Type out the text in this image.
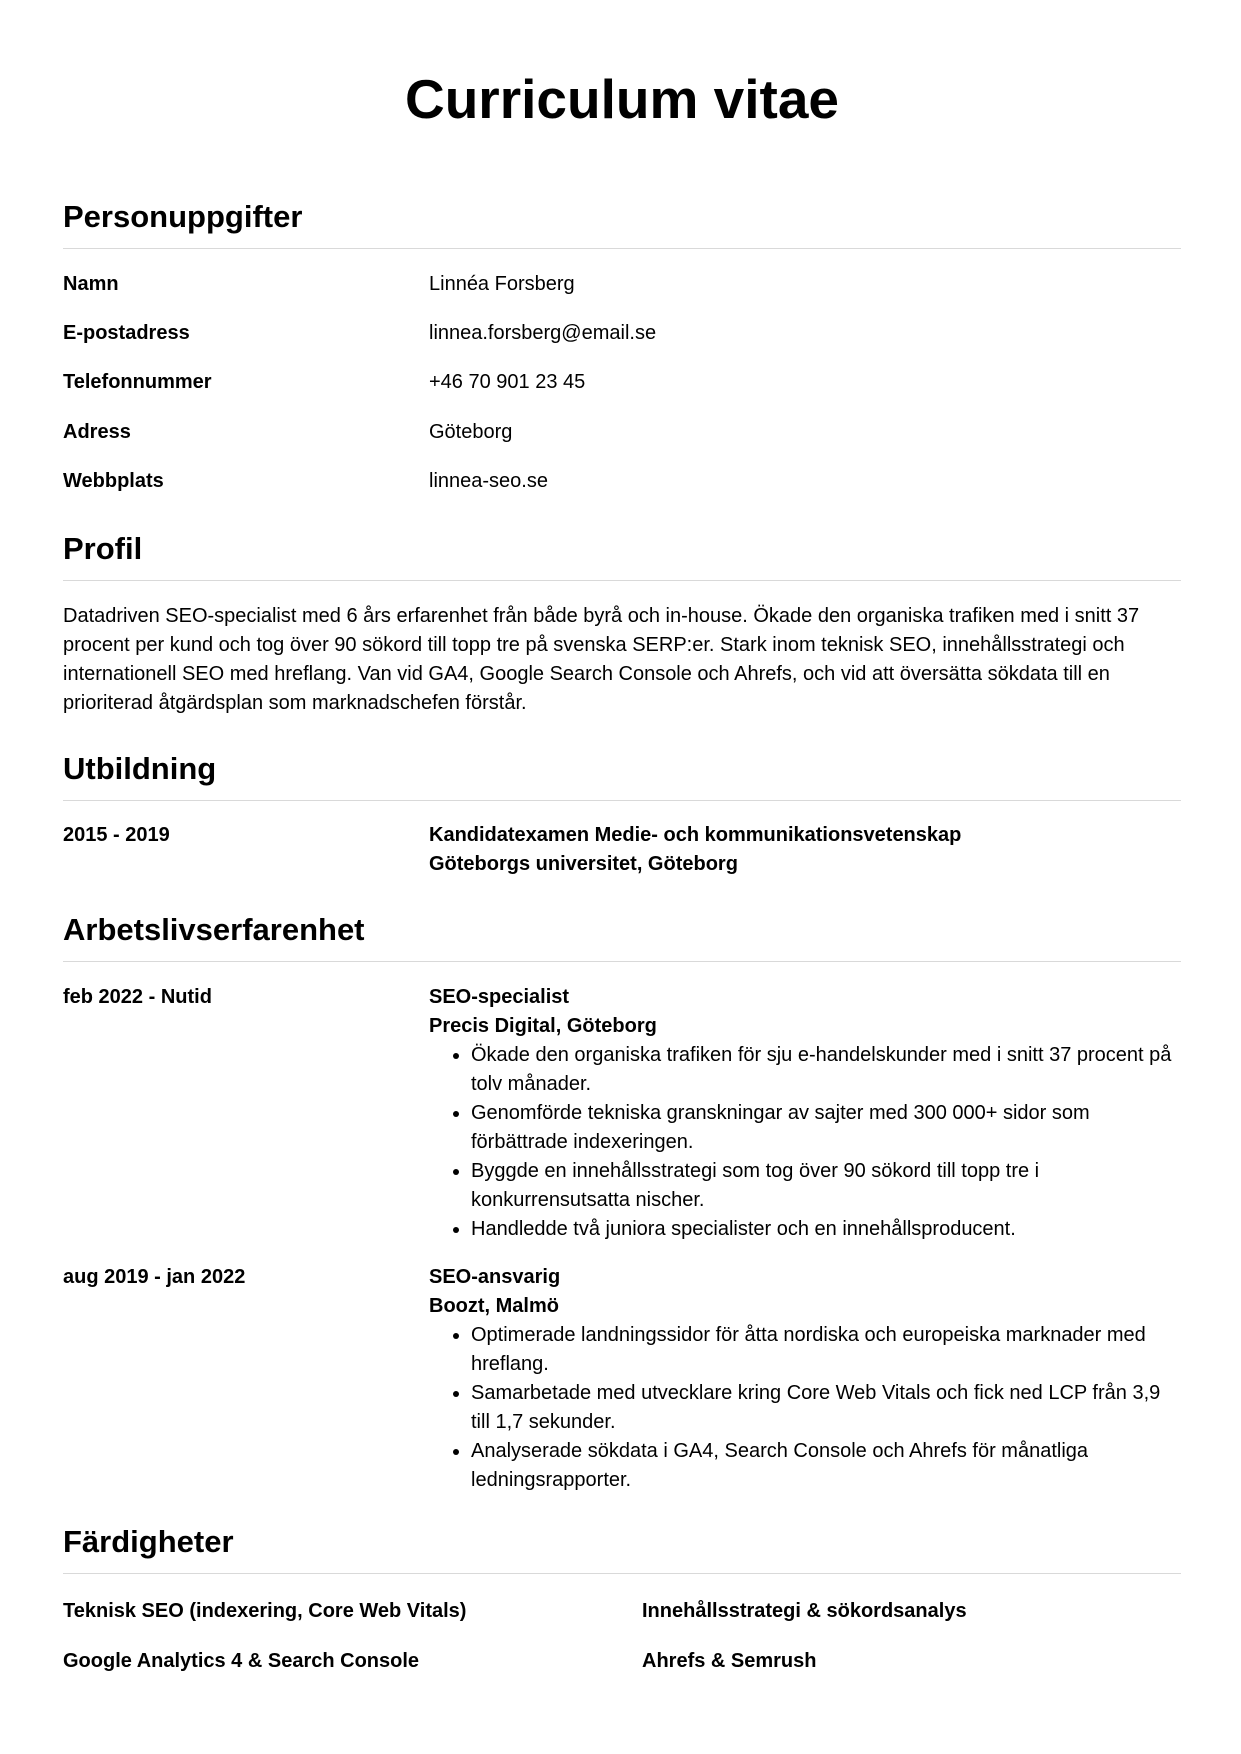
Curriculum vitae
Personuppgifter
Namn	Linnéa Forsberg
E-postadress	linnea.forsberg@email.se
Telefonnummer	+46 70 901 23 45
Adress	Göteborg
Webbplats	linnea-seo.se
Profil
Datadriven SEO-specialist med 6 års erfarenhet från både byrå och in-house. Ökade den organiska trafiken med i snitt 37 procent per kund och tog över 90 sökord till topp tre på svenska SERP:er. Stark inom teknisk SEO, innehållsstrategi och internationell SEO med hreflang. Van vid GA4, Google Search Console och Ahrefs, och vid att översätta sökdata till en prioriterad åtgärdsplan som marknadschefen förstår.
Utbildning
2015 - 2019	Kandidatexamen Medie- och kommunikationsvetenskap
Göteborgs universitet, Göteborg
Arbetslivserfarenhet
feb 2022 - Nutid	SEO-specialist
Precis Digital, Göteborg
• Ökade den organiska trafiken för sju e-handelskunder med i snitt 37 procent på tolv månader.
• Genomförde tekniska granskningar av sajter med 300 000+ sidor som förbättrade indexeringen.
• Byggde en innehållsstrategi som tog över 90 sökord till topp tre i konkurrensutsatta nischer.
• Handledde två juniora specialister och en innehållsproducent.
aug 2019 - jan 2022	SEO-ansvarig
Boozt, Malmö
• Optimerade landningssidor för åtta nordiska och europeiska marknader med hreflang.
• Samarbetade med utvecklare kring Core Web Vitals och fick ned LCP från 3,9 till 1,7 sekunder.
• Analyserade sökdata i GA4, Search Console och Ahrefs för månatliga ledningsrapporter.
Färdigheter
Teknisk SEO (indexering, Core Web Vitals)	Innehållsstrategi & sökordsanalys
Google Analytics 4 & Search Console	Ahrefs & Semrush
